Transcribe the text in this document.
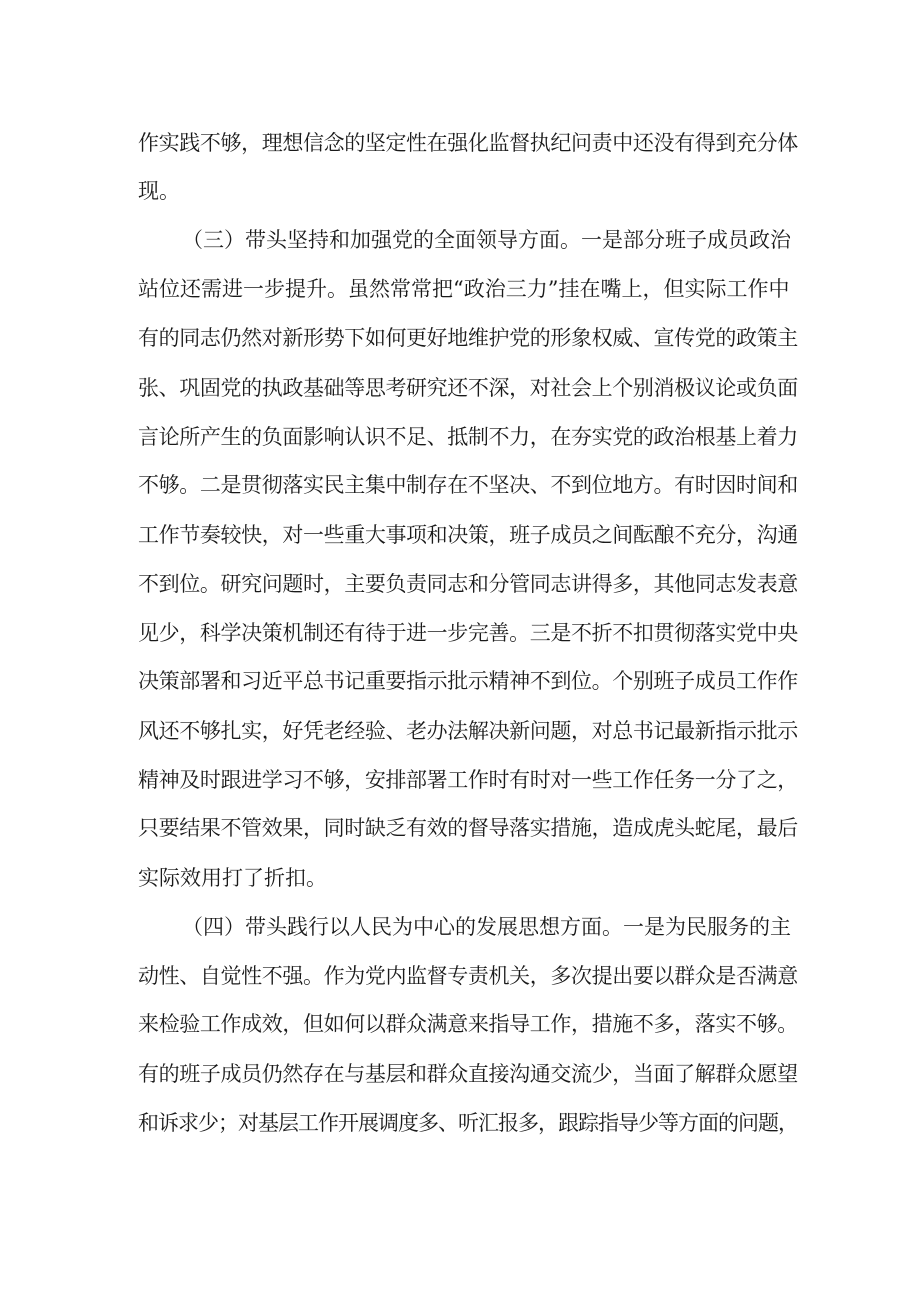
作实践不够，理想信念的坚定性在强化监督执纪问责中还没有得到充分体
现。
（三）带头坚持和加强党的全面领导方面。一是部分班子成员政治
站位还需进一步提升。虽然常常把“政治三力”挂在嘴上，但实际工作中
有的同志仍然对新形势下如何更好地维护党的形象权威、宣传党的政策主
张、巩固党的执政基础等思考研究还不深，对社会上个别消极议论或负面
言论所产生的负面影响认识不足、抵制不力，在夯实党的政治根基上着力
不够。二是贯彻落实民主集中制存在不坚决、不到位地方。有时因时间和
工作节奏较快，对一些重大事项和决策，班子成员之间酝酿不充分，沟通
不到位。研究问题时，主要负责同志和分管同志讲得多，其他同志发表意
见少，科学决策机制还有待于进一步完善。三是不折不扣贯彻落实党中央
决策部署和习近平总书记重要指示批示精神不到位。个别班子成员工作作
风还不够扎实，好凭老经验、老办法解决新问题，对总书记最新指示批示
精神及时跟进学习不够，安排部署工作时有时对一些工作任务一分了之，
只要结果不管效果，同时缺乏有效的督导落实措施，造成虎头蛇尾，最后
实际效用打了折扣。
（四）带头践行以人民为中心的发展思想方面。一是为民服务的主
动性、自觉性不强。作为党内监督专责机关，多次提出要以群众是否满意
来检验工作成效，但如何以群众满意来指导工作，措施不多，落实不够。
有的班子成员仍然存在与基层和群众直接沟通交流少，当面了解群众愿望
和诉求少；对基层工作开展调度多、听汇报多，跟踪指导少等方面的问题，
